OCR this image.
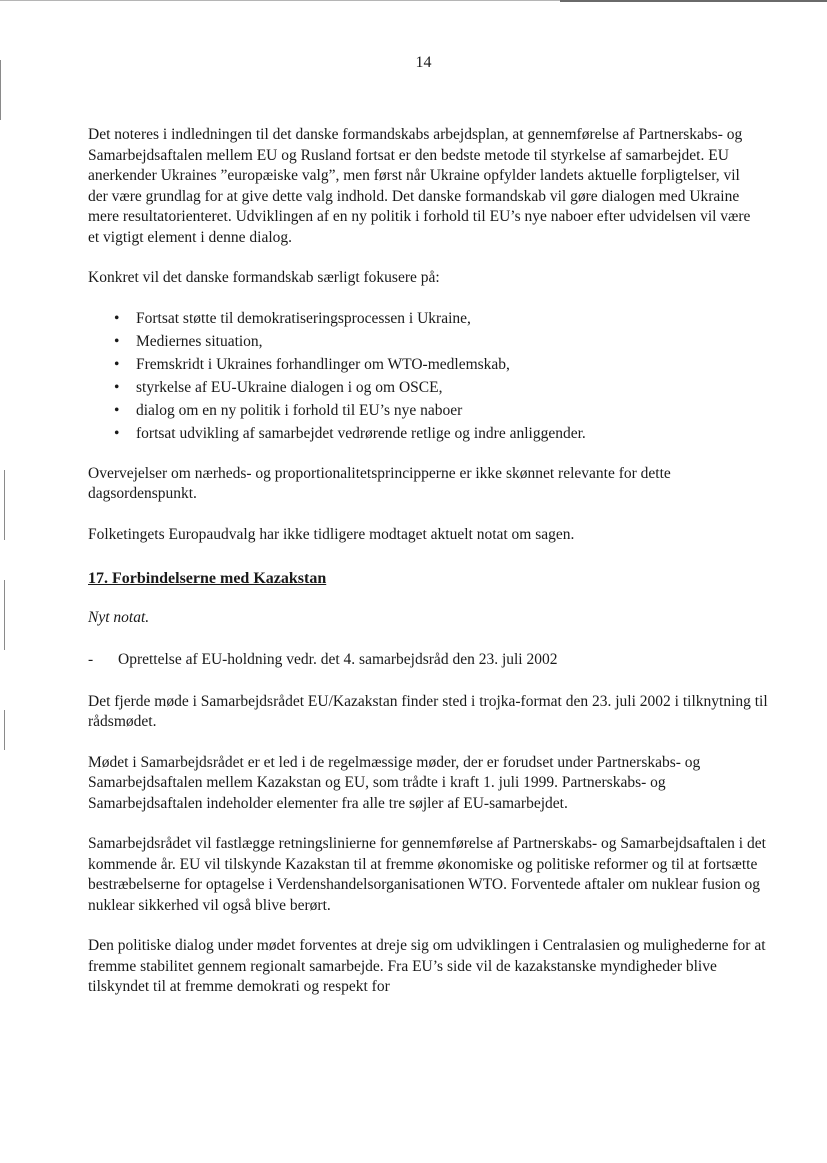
14

Det noteres i indledningen til det danske formandskabs arbejdsplan, at gennemførelse af Partnerskabs- og Samarbejdsaftalen mellem EU og Rusland fortsat er den bedste metode til styrkelse af samarbejdet. EU anerkender Ukraines ”europæiske valg”, men først når Ukraine opfylder landets aktuelle forpligtelser, vil der være grundlag for at give dette valg indhold. Det danske formandskab vil gøre dialogen med Ukraine mere resultatorienteret. Udviklingen af en ny politik i forhold til EU’s nye naboer efter udvidelsen vil være et vigtigt element i denne dialog.

Konkret vil det danske formandskab særligt fokusere på:

• Fortsat støtte til demokratiseringsprocessen i Ukraine,
• Mediernes situation,
• Fremskridt i Ukraines forhandlinger om WTO-medlemskab,
• styrkelse af EU-Ukraine dialogen i og om OSCE,
• dialog om en ny politik i forhold til EU’s nye naboer
• fortsat udvikling af samarbejdet vedrørende retlige og indre anliggender.

Overvejelser om nærheds- og proportionalitetsprincipperne er ikke skønnet relevante for dette dagsordenspunkt.

Folketingets Europaudvalg har ikke tidligere modtaget aktuelt notat om sagen.

17. Forbindelserne med Kazakstan
Nyt notat.
- Oprettelse af EU-holdning vedr. det 4. samarbejdsråd den 23. juli 2002

Det fjerde møde i Samarbejdsrådet EU/Kazakstan finder sted i trojka-format den 23. juli 2002 i tilknytning til rådsmødet.

Mødet i Samarbejdsrådet er et led i de regelmæssige møder, der er forudset under Partnerskabs- og Samarbejdsaftalen mellem Kazakstan og EU, som trådte i kraft 1. juli 1999. Partnerskabs- og Samarbejdsaftalen indeholder elementer fra alle tre søjler af EU-samarbejdet.

Samarbejdsrådet vil fastlægge retningslinierne for gennemførelse af Partnerskabs- og Samarbejdsaftalen i det kommende år. EU vil tilskynde Kazakstan til at fremme økonomiske og politiske reformer og til at fortsætte bestræbelserne for optagelse i Verdenshandelsorganisationen WTO. Forventede aftaler om nuklear fusion og nuklear sikkerhed vil også blive berørt.

Den politiske dialog under mødet forventes at dreje sig om udviklingen i Centralasien og mulighederne for at fremme stabilitet gennem regionalt samarbejde. Fra EU’s side vil de kazakstanske myndigheder blive tilskyndet til at fremme demokrati og respekt for
